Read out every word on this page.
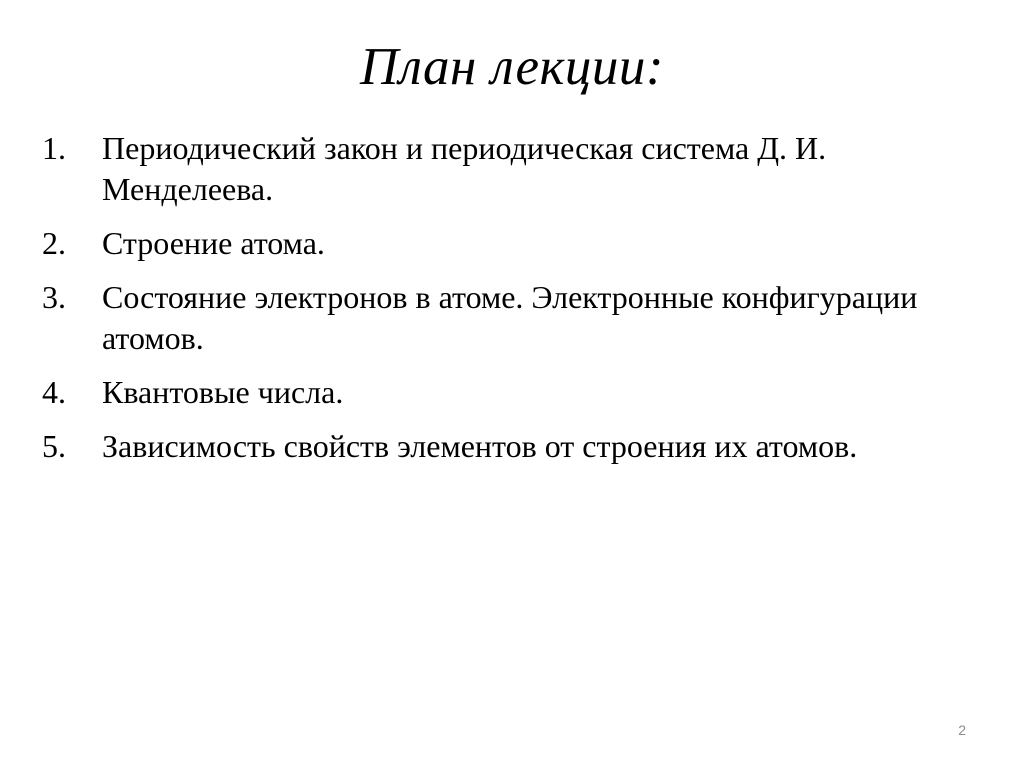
План лекции:
1.	Периодический закон и периодическая система Д. И. Менделеева.
2.	Строение атома.
3.	Состояние электронов в атоме. Электронные конфигурации атомов.
4.	Квантовые числа.
5.	Зависимость свойств элементов от строения их атомов.
2
